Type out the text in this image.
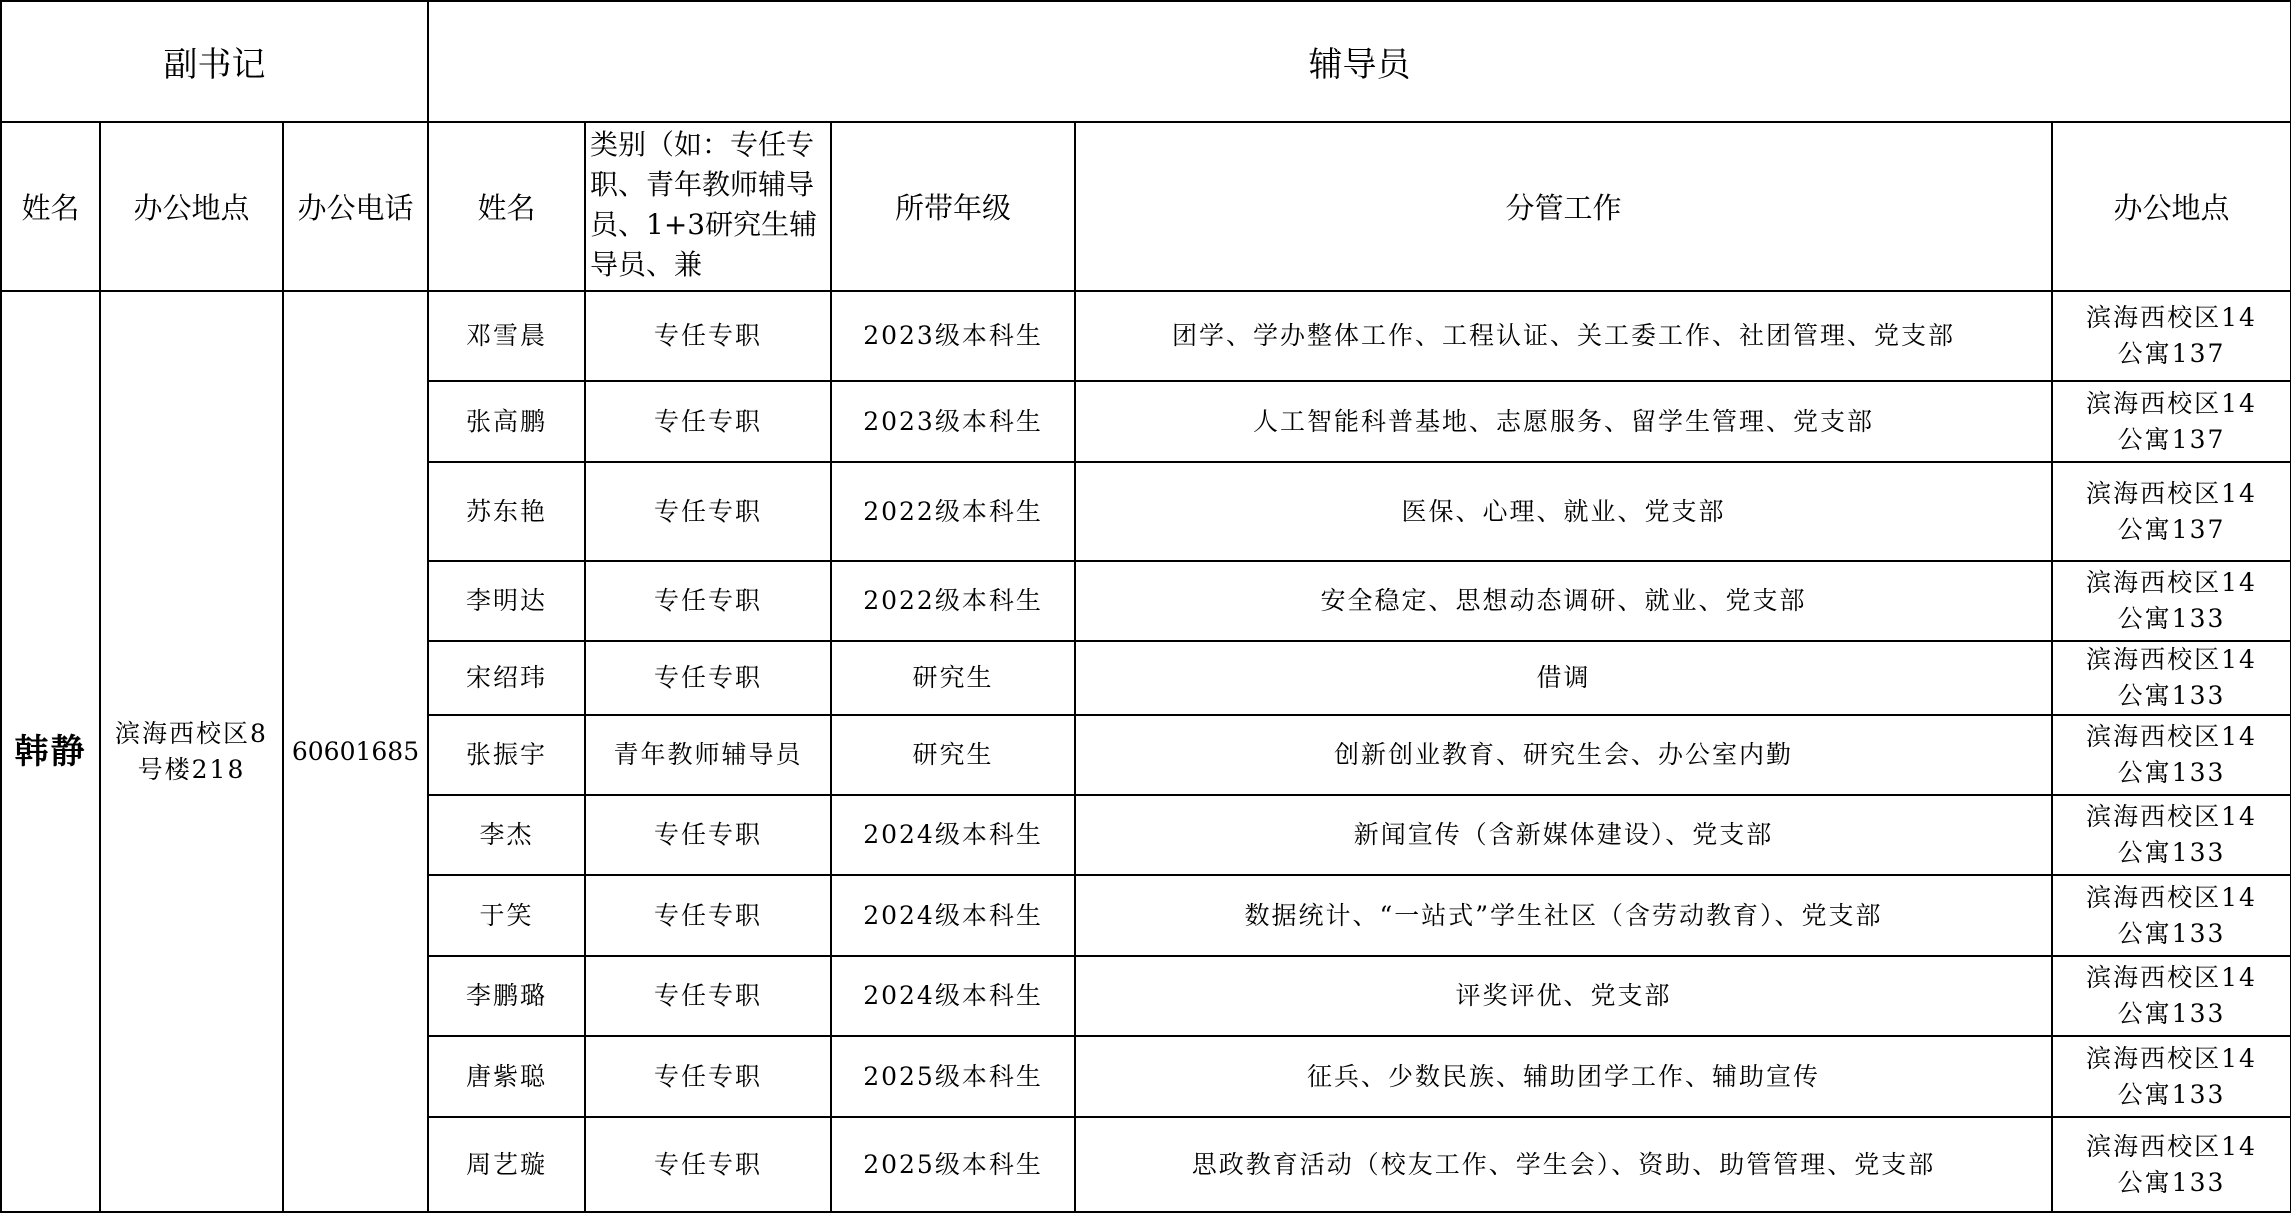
副书记			辅导员				
姓名	办公地点	办公电话	姓名	类别（如：专任专职、青年教师辅导员、1+3研究生辅导员、兼	所带年级	分管工作	办公地点
韩静	滨海西校区8号楼218	60601685	邓雪晨	专任专职	2023级本科生	团学、学办整体工作、工程认证、关工委工作、社团管理、党支部	滨海西校区14公寓137
			张高鹏	专任专职	2023级本科生	人工智能科普基地、志愿服务、留学生管理、党支部	滨海西校区14公寓137
			苏东艳	专任专职	2022级本科生	医保、心理、就业、党支部	滨海西校区14公寓137
			李明达	专任专职	2022级本科生	安全稳定、思想动态调研、就业、党支部	滨海西校区14公寓133
			宋绍玮	专任专职	研究生	借调	滨海西校区14公寓133
			张振宇	青年教师辅导员	研究生	创新创业教育、研究生会、办公室内勤	滨海西校区14公寓133
			李杰	专任专职	2024级本科生	新闻宣传（含新媒体建设）、党支部	滨海西校区14公寓133
			于笑	专任专职	2024级本科生	数据统计、“一站式”学生社区（含劳动教育）、党支部	滨海西校区14公寓133
			李鹏璐	专任专职	2024级本科生	评奖评优、党支部	滨海西校区14公寓133
			唐紫聪	专任专职	2025级本科生	征兵、少数民族、辅助团学工作、辅助宣传	滨海西校区14公寓133
			周艺璇	专任专职	2025级本科生	思政教育活动（校友工作、学生会）、资助、助管管理、党支部	滨海西校区14公寓133
